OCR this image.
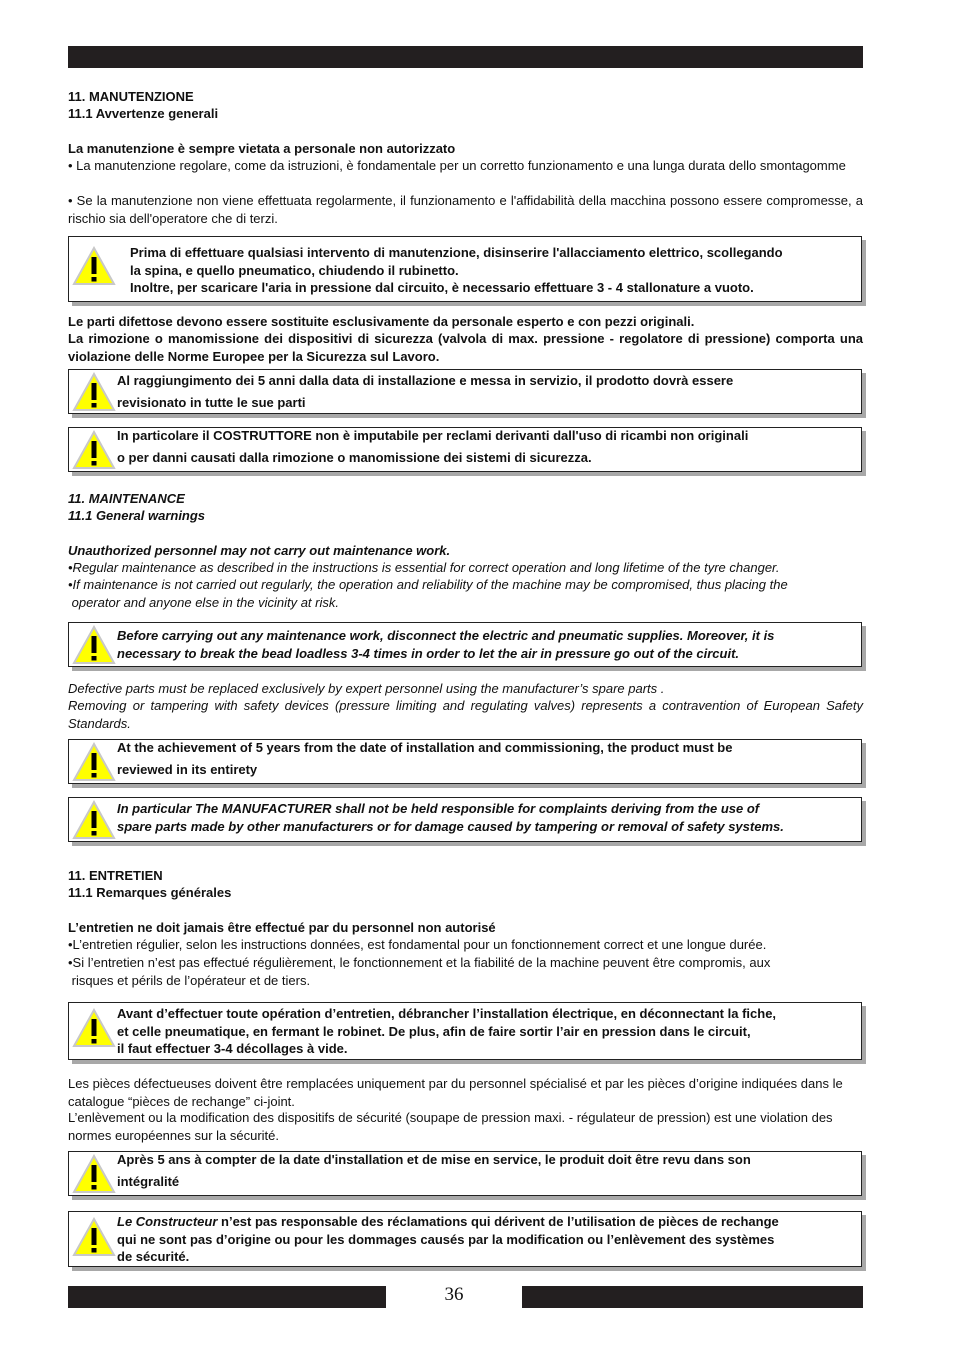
36

11. MANUTENZIONE

11.1 Avvertenze generali

La manutenzione è sempre vietata a personale non autorizzato

• La manutenzione regolare, come da istruzioni, è fondamentale per un corretto funzionamento e una lunga durata dello smontagomme

• Se la manutenzione non viene effettuata regolarmente, il funzionamento e l'affidabilità della macchina possono essere compromesse, a rischio sia dell'operatore che di terzi.

Prima di effettuare qualsiasi intervento di manutenzione, disinserire l'allacciamento elettrico, scollegando
la spina, e quello pneumatico, chiudendo il rubinetto.
Inoltre, per scaricare l'aria in pressione dal circuito, è necessario effettuare 3 - 4 stallonature a vuoto.

Le parti difettose devono essere sostituite esclusivamente da personale esperto e con pezzi originali.

La rimozione o manomissione dei dispositivi di sicurezza (valvola di max. pressione - regolatore di pressione) comporta una violazione delle Norme Europee per la Sicurezza sul Lavoro.

Al raggiungimento dei 5 anni dalla data di installazione e messa in servizio, il prodotto dovrà essere
revisionato in tutte le sue parti

In particolare il COSTRUTTORE non è imputabile per reclami derivanti dall'uso di ricambi non originali
o per danni causati dalla rimozione o manomissione dei sistemi di sicurezza.

11. MAINTENANCE

11.1 General warnings

Unauthorized personnel may not carry out maintenance work.

•Regular maintenance as described in the instructions is essential for correct operation and long lifetime of the tyre changer.

•If maintenance is not carried out regularly, the operation and reliability of the machine may be compromised, thus placing the
operator and anyone else in the vicinity at risk.

Before carrying out any maintenance work, disconnect the electric and pneumatic supplies. Moreover, it is
necessary to break the bead loadless 3-4 times in order to let the air in pressure go out of the circuit.

Defective parts must be replaced exclusively by expert personnel using the manufacturer’s spare parts .

Removing or tampering with safety devices (pressure limiting and regulating valves) represents a contravention of European Safety Standards.

At the achievement of 5 years from the date of installation and commissioning, the product must be
reviewed in its entirety

In particular The MANUFACTURER shall not be held responsible for complaints deriving from the use of
spare parts made by other manufacturers or for damage caused by tampering or removal of safety systems.

11. ENTRETIEN

11.1 Remarques générales

L’entretien ne doit jamais être effectué par du personnel non autorisé

•L’entretien régulier, selon les instructions données, est fondamental pour un fonctionnement correct et une longue durée.

•Si l’entretien n’est pas effectué régulièrement, le fonctionnement et la fiabilité de la machine peuvent être compromis, aux
risques et périls de l’opérateur et de tiers.

Avant d’effectuer toute opération d’entretien, débrancher l’installation électrique, en déconnectant la fiche,
et celle pneumatique, en fermant le robinet. De plus, afin de faire sortir l’air en pression dans le circuit,
il faut effectuer 3-4 décollages à vide.

Les pièces défectueuses doivent être remplacées uniquement par du personnel spécialisé et par les pièces d’origine indiquées dans le catalogue “pièces de rechange” ci-joint.

L’enlèvement ou la modification des dispositifs de sécurité (soupape de pression maxi. - régulateur de pression) est une violation des normes européennes sur la sécurité.

Après 5 ans à compter de la date d'installation et de mise en service, le produit doit être revu dans son
intégralité

Le Constructeur n’est pas responsable des réclamations qui dérivent de l’utilisation de pièces de rechange
qui ne sont pas d’origine ou pour les dommages causés par la modification ou l’enlèvement des systèmes
de sécurité.
